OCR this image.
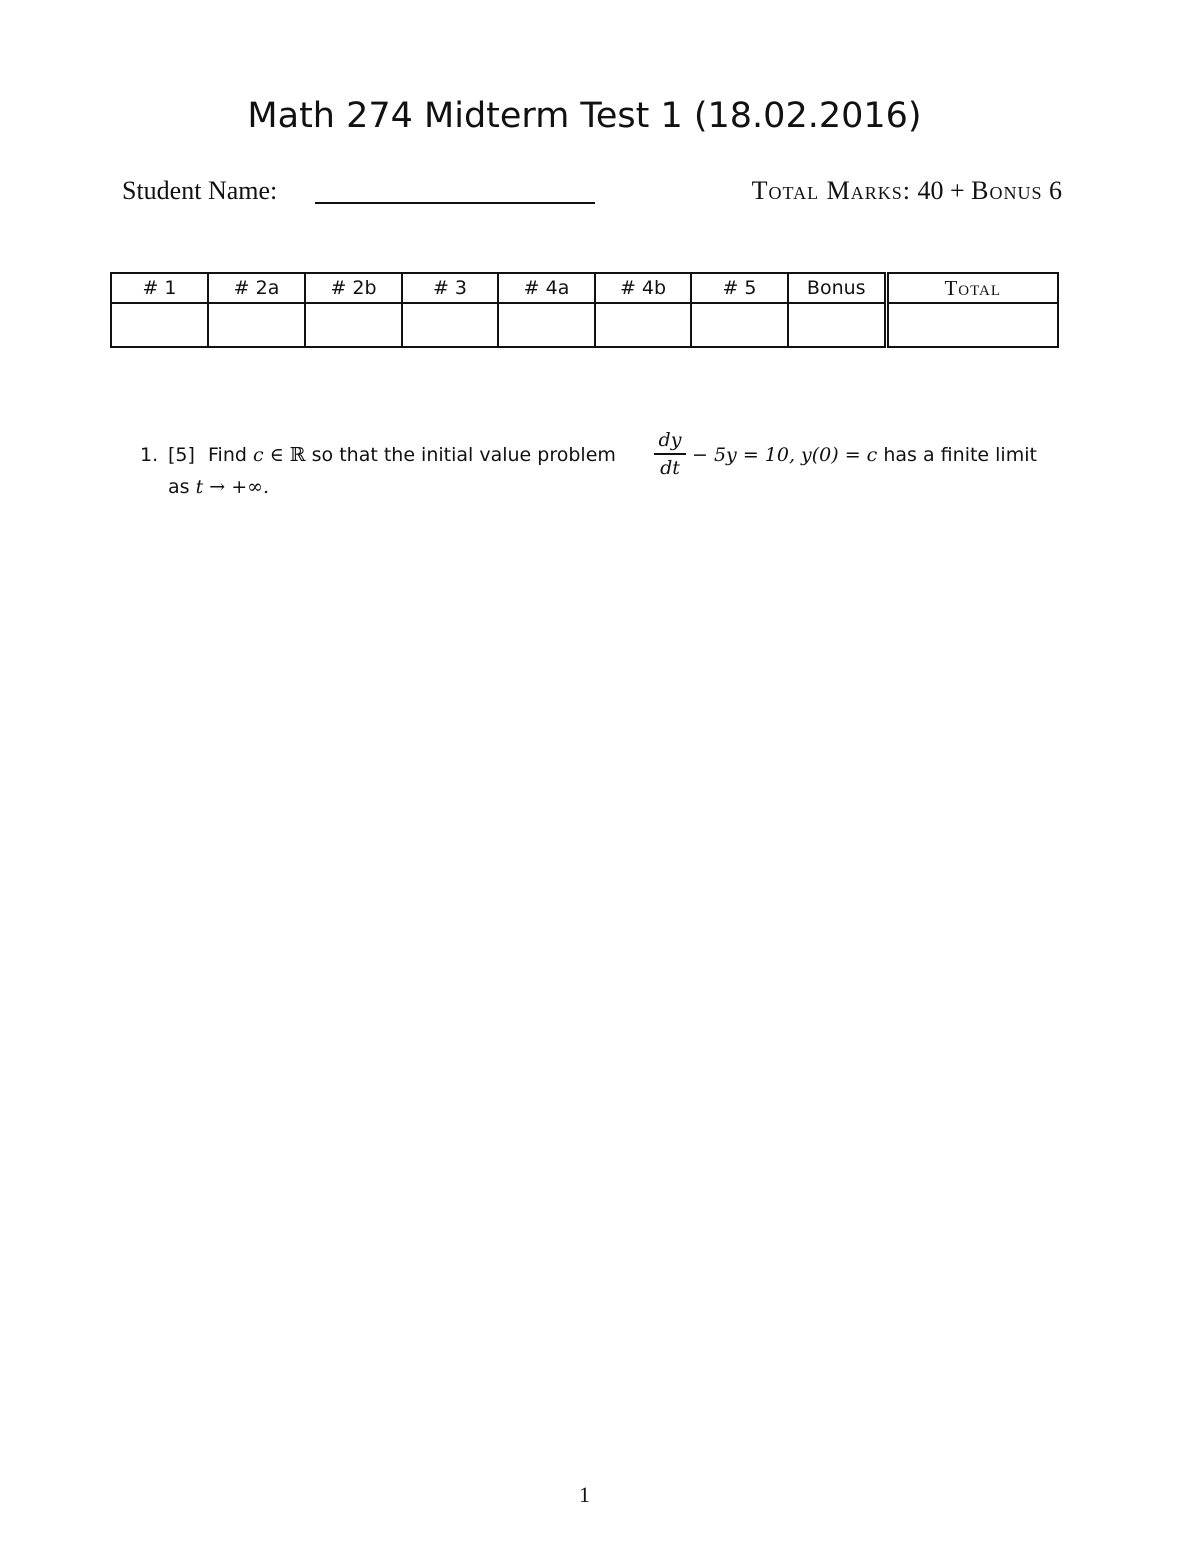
Math 274 Midterm Test 1 (18.02.2016)
Student Name:	Total Marks: 40 + Bonus 6
# 1	# 2a	# 2b	# 3	# 4a	# 4b	# 5	Bonus	Total

1. [5] Find c ∈ ℝ so that the initial value problem $\frac{dy}{dt} - 5y = 10$, y(0) = c has a finite limit
as t → +∞.
1
